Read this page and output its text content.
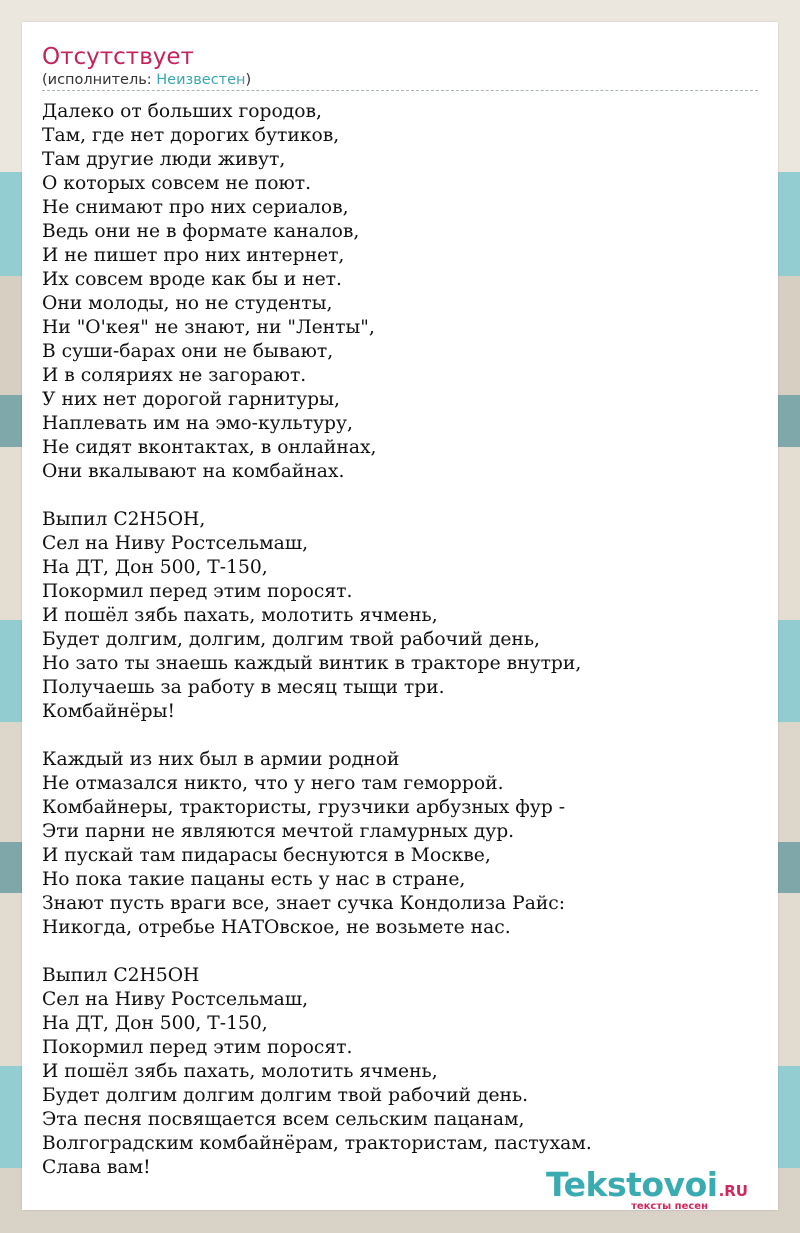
Отсутствует
(исполнитель: Неизвестен)
Далеко от больших городов,
Там, где нет дорогих бутиков,
Там другие люди живут,
О которых совсем не поют.
Не снимают про них сериалов,
Ведь они не в формате каналов,
И не пишет про них интернет,
Их совсем вроде как бы и нет.
Они молоды, но не студенты,
Ни "О'кея" не знают, ни "Ленты",
В суши-барах они не бывают,
И в соляриях не загорают.
У них нет дорогой гарнитуры,
Наплевать им на эмо-культуру,
Не сидят вконтактах, в онлайнах,
Они вкалывают на комбайнах.

Выпил С2Н5ОН,
Сел на Ниву Ростсельмаш,
На ДТ, Дон 500, Т-150,
Покормил перед этим поросят.
И пошёл зябь пахать, молотить ячмень,
Будет долгим, долгим, долгим твой рабочий день,
Но зато ты знаешь каждый винтик в тракторе внутри,
Получаешь за работу в месяц тыщи три.
Комбайнёры!

Каждый из них был в армии родной
Не отмазался никто, что у него там геморрой.
Комбайнеры, трактористы, грузчики арбузных фур -
Эти парни не являются мечтой гламурных дур.
И пускай там пидарасы беснуются в Москве,
Но пока такие пацаны есть у нас в стране,
Знают пусть враги все, знает сучка Кондолиза Райс:
Никогда, отребье НАТОвское, не возьмете нас.

Выпил С2Н5ОН
Сел на Ниву Ростсельмаш,
На ДТ, Дон 500, Т-150,
Покормил перед этим поросят.
И пошёл зябь пахать, молотить ячмень,
Будет долгим долгим долгим твой рабочий день.
Эта песня посвящается всем сельским пацанам,
Волгоградским комбайнёрам, трактористам, пастухам.
Слава вам!	Tekstovoi.RU
тексты песен
